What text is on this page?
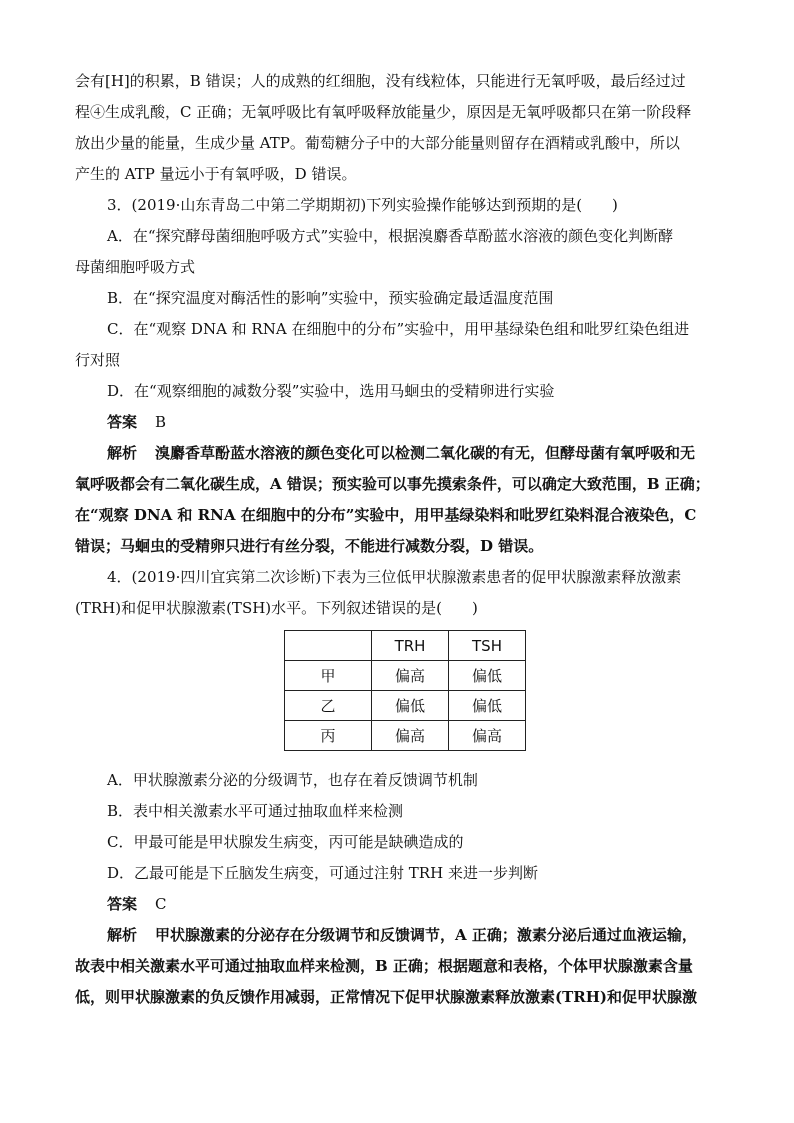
会有[H]的积累，B 错误；人的成熟的红细胞，没有线粒体，只能进行无氧呼吸，最后经过过

程④生成乳酸，C 正确；无氧呼吸比有氧呼吸释放能量少，原因是无氧呼吸都只在第一阶段释

放出少量的能量，生成少量 ATP。葡萄糖分子中的大部分能量则留存在酒精或乳酸中，所以

产生的 ATP 量远小于有氧呼吸，D 错误。

3．(2019·山东青岛二中第二学期期初)下列实验操作能够达到预期的是(　　)

A．在“探究酵母菌细胞呼吸方式”实验中，根据溴麝香草酚蓝水溶液的颜色变化判断酵

母菌细胞呼吸方式

B．在“探究温度对酶活性的影响”实验中，预实验确定最适温度范围

C．在“观察 DNA 和 RNA 在细胞中的分布”实验中，用甲基绿染色组和吡罗红染色组进

行对照

D．在“观察细胞的减数分裂”实验中，选用马蛔虫的受精卵进行实验

答案 B

解析 溴麝香草酚蓝水溶液的颜色变化可以检测二氧化碳的有无，但酵母菌有氧呼吸和无

氧呼吸都会有二氧化碳生成，A 错误；预实验可以事先摸索条件，可以确定大致范围，B 正确；

在“观察 DNA 和 RNA 在细胞中的分布”实验中，用甲基绿染料和吡罗红染料混合液染色，C

错误；马蛔虫的受精卵只进行有丝分裂，不能进行减数分裂，D 错误。

4．(2019·四川宜宾第二次诊断)下表为三位低甲状腺激素患者的促甲状腺激素释放激素

(TRH)和促甲状腺激素(TSH)水平。下列叙述错误的是(　　)

	TRH	TSH
甲	偏高	偏低
乙	偏低	偏低
丙	偏高	偏高

A．甲状腺激素分泌的分级调节，也存在着反馈调节机制

B．表中相关激素水平可通过抽取血样来检测

C．甲最可能是甲状腺发生病变，丙可能是缺碘造成的

D．乙最可能是下丘脑发生病变，可通过注射 TRH 来进一步判断

答案 C

解析 甲状腺激素的分泌存在分级调节和反馈调节，A 正确；激素分泌后通过血液运输，

故表中相关激素水平可通过抽取血样来检测，B 正确；根据题意和表格，个体甲状腺激素含量

低，则甲状腺激素的负反馈作用减弱，正常情况下促甲状腺激素释放激素(TRH)和促甲状腺激
